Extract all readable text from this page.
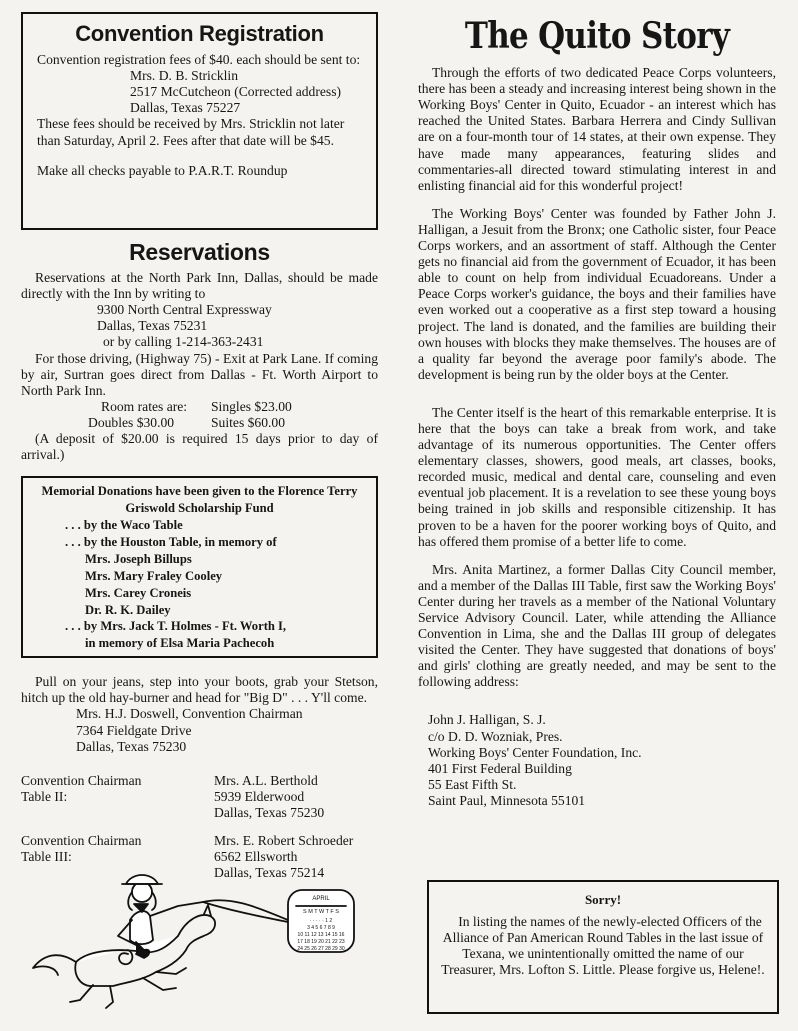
Convention Registration

Convention registration fees of $40. each should be sent to:

Mrs. D. B. Stricklin
2517 McCutcheon (Corrected address)
Dallas, Texas 75227

These fees should be received by Mrs. Stricklin not later than Saturday, April 2. Fees after that date will be $45.

Make all checks payable to P.A.R.T. Roundup

Reservations

Reservations at the North Park Inn, Dallas, should be made directly with the Inn by writing to

9300 North Central Expressway
Dallas, Texas 75231
or by calling 1-214-363-2431

For those driving, (Highway 75) - Exit at Park Lane. If coming by air, Surtran goes direct from Dallas - Ft. Worth Airport to North Park Inn.

Room rates are: Singles $23.00
Doubles $30.00	Suites $60.00

(A deposit of $20.00 is required 15 days prior to day of arrival.)

Memorial Donations have been given to the Florence Terry Griswold Scholarship Fund
. . . by the Waco Table
. . . by the Houston Table, in memory of
Mrs. Joseph Billups
Mrs. Mary Fraley Cooley
Mrs. Carey Croneis
Dr. R. K. Dailey
. . . by Mrs. Jack T. Holmes - Ft. Worth I,
in memory of Elsa Maria Pachecoh

Pull on your jeans, step into your boots, grab your Stetson, hitch up the old hay-burner and head for "Big D" . . . Y'll come.

Mrs. H.J. Doswell, Convention Chairman
7364 Fieldgate Drive
Dallas, Texas 75230
Convention Chairman
Table II:
Mrs. A.L. Berthold
5939 Elderwood
Dallas, Texas 75230
Convention Chairman
Table III:
Mrs. E. Robert Schroeder
6562 Ellsworth
Dallas, Texas 75214
APRIL
S M T W T F S
· · · · · 1 2
3 4 5 6 7 8 9
10 11 12 13 14 15 16
17 18 19 20 21 22 23
24 25 26 27 28 29 30
The Quito Story

Through the efforts of two dedicated Peace Corps volunteers, there has been a steady and increasing interest being shown in the Working Boys' Center in Quito, Ecuador - an interest which has reached the United States. Barbara Herrera and Cindy Sullivan are on a four-month tour of 14 states, at their own expense. They have made many appearances, featuring slides and commentaries-all directed toward stimulating interest in and enlisting financial aid for this wonderful project!

The Working Boys' Center was founded by Father John J. Halligan, a Jesuit from the Bronx; one Catholic sister, four Peace Corps workers, and an assortment of staff. Although the Center gets no financial aid from the government of Ecuador, it has been able to count on help from individual Ecuadoreans. Under a Peace Corps worker's guidance, the boys and their families have even worked out a cooperative as a first step toward a housing project. The land is donated, and the families are building their own houses with blocks they make themselves. The houses are of a quality far beyond the average poor family's abode. The development is being run by the older boys at the Center.

The Center itself is the heart of this remarkable enterprise. It is here that the boys can take a break from work, and take advantage of its numerous opportunities. The Center offers elementary classes, showers, good meals, art classes, books, recorded music, medical and dental care, counseling and even eventual job placement. It is a revelation to see these young boys being trained in job skills and responsible citizenship. It has proven to be a haven for the poorer working boys of Quito, and has offered them promise of a better life to come.

Mrs. Anita Martinez, a former Dallas City Council member, and a member of the Dallas III Table, first saw the Working Boys' Center during her travels as a member of the National Voluntary Service Advisory Council. Later, while attending the Alliance Convention in Lima, she and the Dallas III group of delegates visited the Center. They have suggested that donations of boys' and girls' clothing are greatly needed, and may be sent to the following address:

John J. Halligan, S. J.
c/o D. D. Wozniak, Pres.
Working Boys' Center Foundation, Inc.
401 First Federal Building
55 East Fifth St.
Saint Paul, Minnesota 55101
Sorry!
In listing the names of the newly-elected Officers of the Alliance of Pan American Round Tables in the last issue of Texana, we unintentionally omitted the name of our Treasurer, Mrs. Lofton S. Little. Please forgive us, Helene!.
